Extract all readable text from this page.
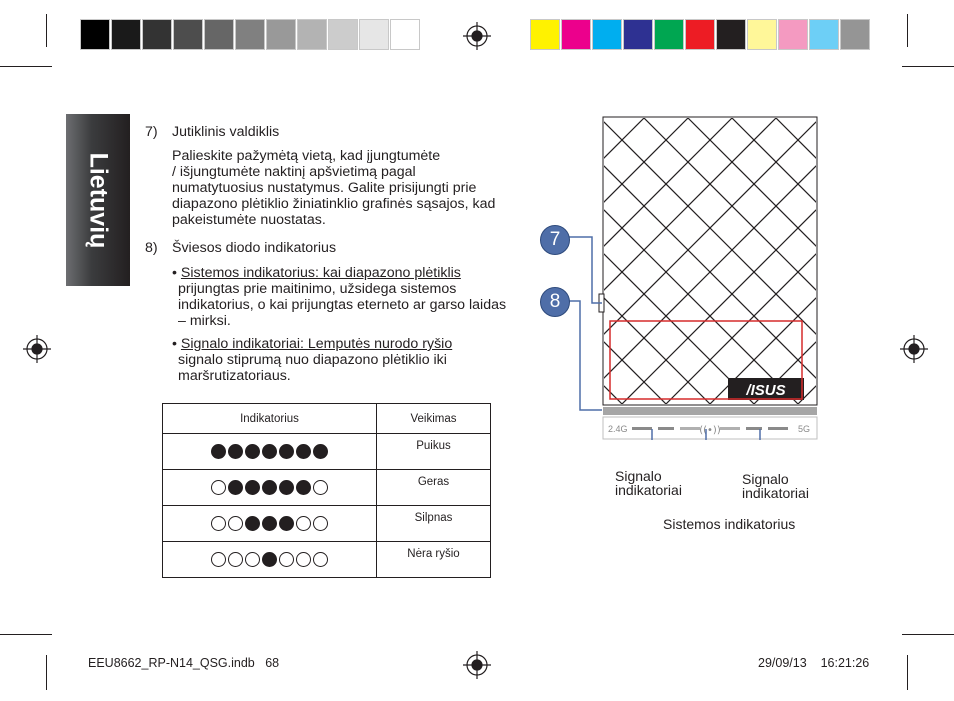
Lietuvių
7) Jutiklinis valdiklis
Palieskite pažymėtą vietą, kad įjungtumėte
/ išjungtumėte naktinį apšvietimą pagal
numatytuosius nustatymus. Galite prisijungti prie
diapazono plėtiklio žiniatinklio grafinės sąsajos, kad
pakeistumėte nuostatas.
8) Šviesos diodo indikatorius
• Sistemos indikatorius: kai diapazono plėtiklis
prijungtas prie maitinimo, užsidega sistemos
indikatorius, o kai prijungtas eterneto ar garso laidas
– mirksi.
• Signalo indikatoriai: Lemputės nurodo ryšio
signalo stiprumą nuo diapazono plėtiklio iki
maršrutizatoriaus.
Indikatorius	Veikimas

	Puikus

	Geras

	Silpnas

	Nėra ryšio
/ISUS
2.4G	5G
((•))
7
8
Signalo
indikatoriai
Signalo
indikatoriai
Sistemos indikatorius
EEU8662_RP-N14_QSG.indb 68	29/09/13 16:21:26
